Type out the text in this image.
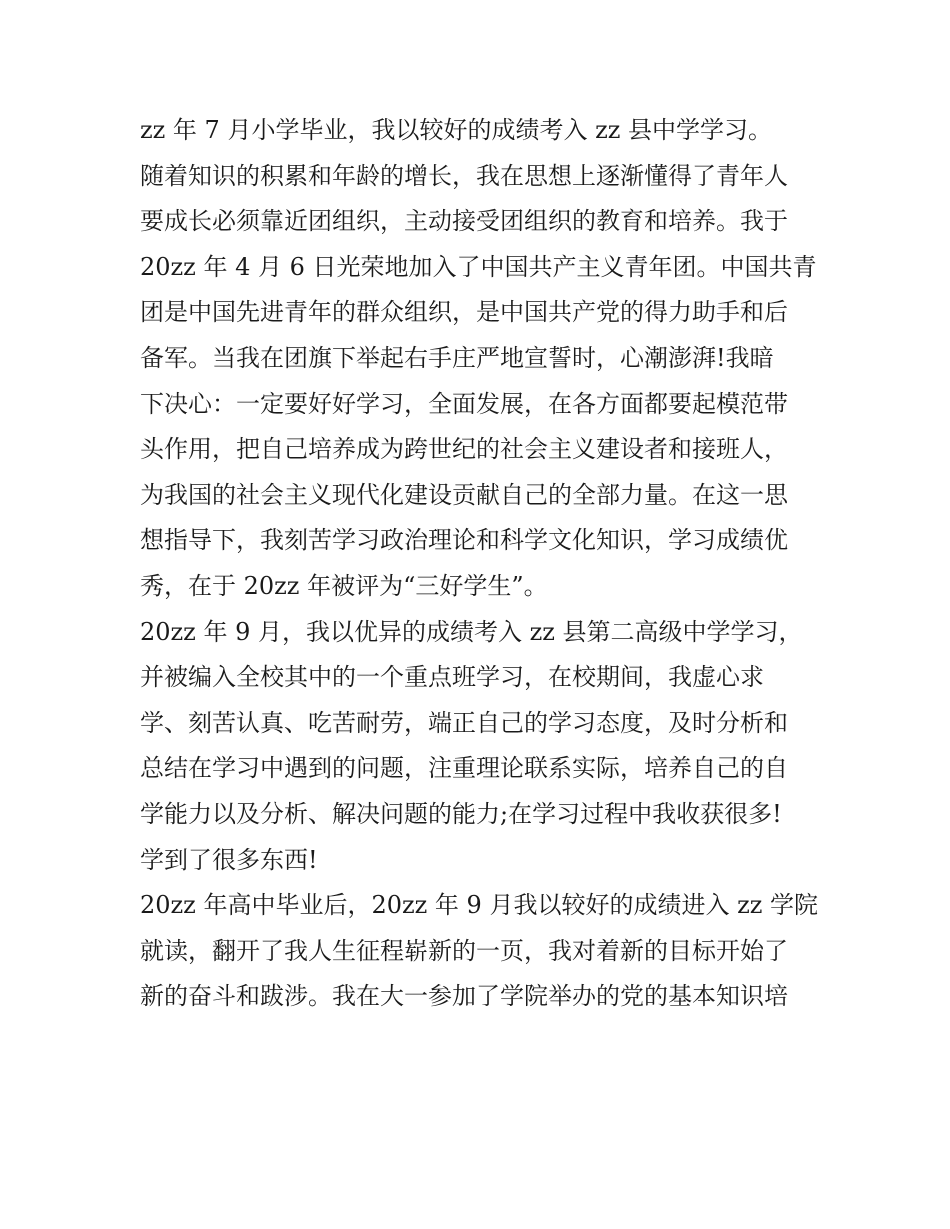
zz 年 7 月小学毕业，我以较好的成绩考入 zz 县中学学习。
随着知识的积累和年龄的增长，我在思想上逐渐懂得了青年人
要成长必须靠近团组织，主动接受团组织的教育和培养。我于
20zz 年 4 月 6 日光荣地加入了中国共产主义青年团。中国共青
团是中国先进青年的群众组织，是中国共产党的得力助手和后
备军。当我在团旗下举起右手庄严地宣誓时，心潮澎湃!我暗
下决心：一定要好好学习，全面发展，在各方面都要起模范带
头作用，把自己培养成为跨世纪的社会主义建设者和接班人，
为我国的社会主义现代化建设贡献自己的全部力量。在这一思
想指导下，我刻苦学习政治理论和科学文化知识，学习成绩优
秀，在于 20zz 年被评为“三好学生”。
20zz 年 9 月，我以优异的成绩考入 zz 县第二高级中学学习，
并被编入全校其中的一个重点班学习，在校期间，我虚心求
学、刻苦认真、吃苦耐劳，端正自己的学习态度，及时分析和
总结在学习中遇到的问题，注重理论联系实际，培养自己的自
学能力以及分析、解决问题的能力;在学习过程中我收获很多!
学到了很多东西!
20zz 年高中毕业后，20zz 年 9 月我以较好的成绩进入 zz 学院
就读，翻开了我人生征程崭新的一页，我对着新的目标开始了
新的奋斗和跋涉。我在大一参加了学院举办的党的基本知识培
